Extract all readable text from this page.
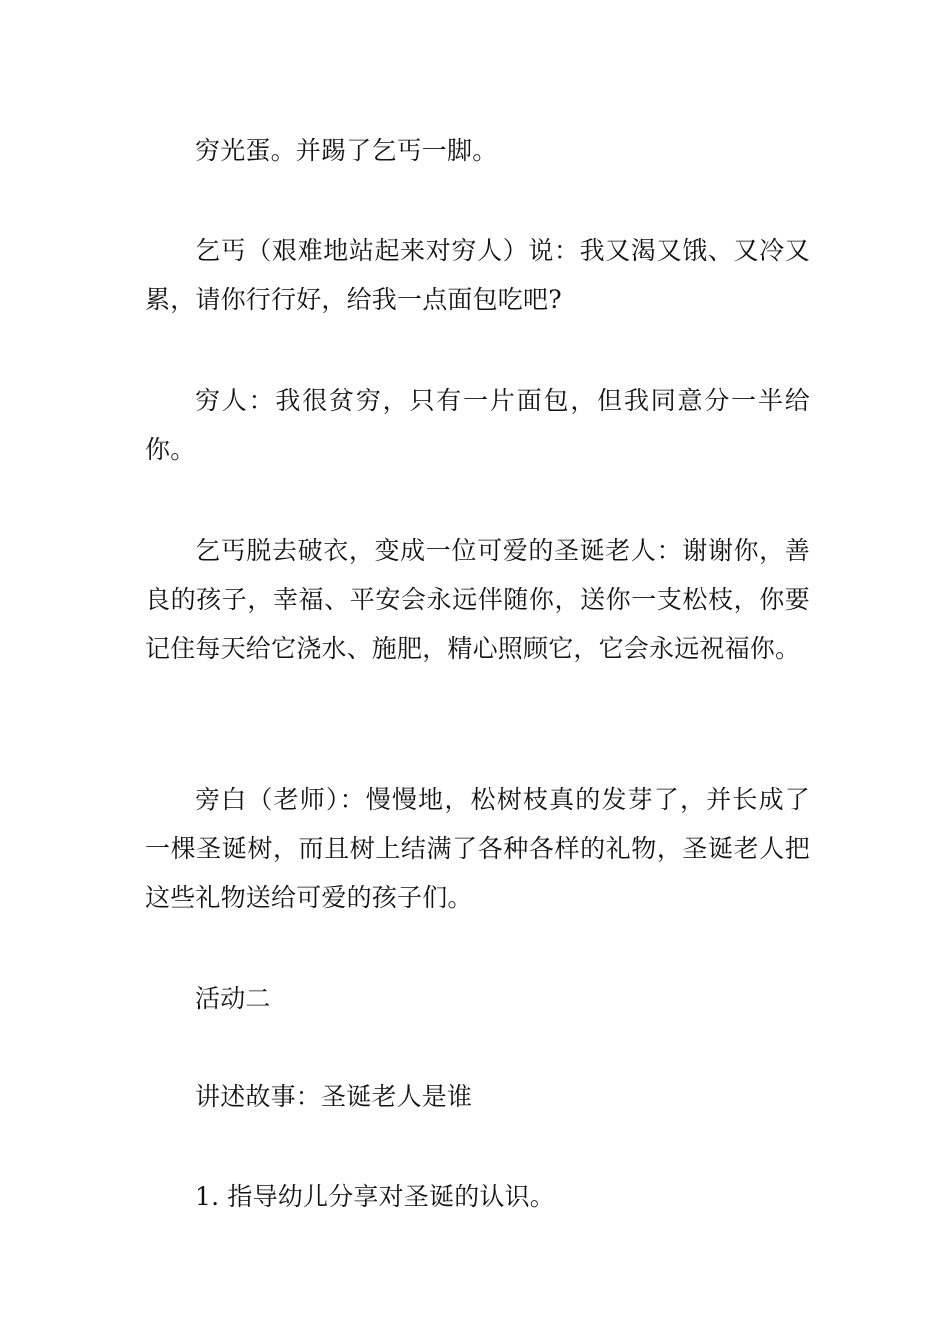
穷光蛋。并踢了乞丐一脚。

乞丐（艰难地站起来对穷人）说：我又渴又饿、又冷又累，请你行行好，给我一点面包吃吧?

穷人：我很贫穷，只有一片面包，但我同意分一半给你。

乞丐脱去破衣，变成一位可爱的圣诞老人：谢谢你，善良的孩子，幸福、平安会永远伴随你，送你一支松枝，你要记住每天给它浇水、施肥，精心照顾它，它会永远祝福你。

旁白（老师）：慢慢地，松树枝真的发芽了，并长成了一棵圣诞树，而且树上结满了各种各样的礼物，圣诞老人把这些礼物送给可爱的孩子们。

活动二

讲述故事：圣诞老人是谁

1. 指导幼儿分享对圣诞的认识。
